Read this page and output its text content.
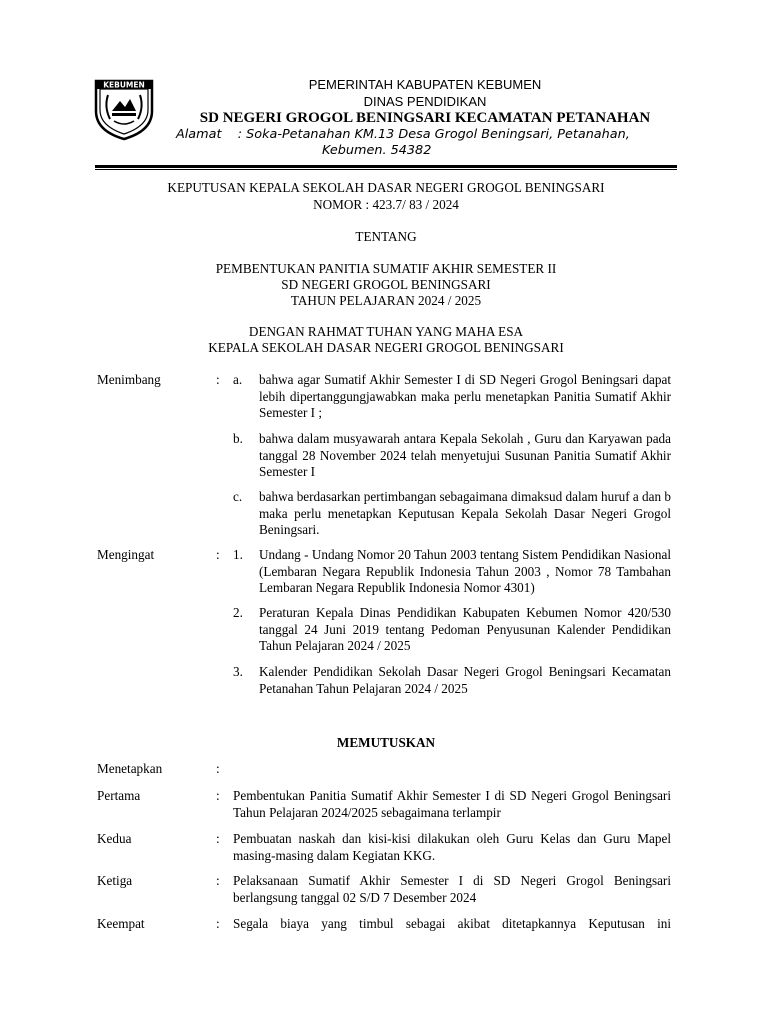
KEBUMEN	PEMERINTAH KABUPATEN KEBUMEN
DINAS PENDIDIKAN
SD NEGERI GROGOL BENINGSARI KECAMATAN PETANAHAN
Alamat : Soka-Petanahan KM.13 Desa Grogol Beningsari, Petanahan,
Kebumen. 54382
KEPUTUSAN KEPALA SEKOLAH DASAR NEGERI GROGOL BENINGSARI
NOMOR : 423.7/ 83 / 2024
TENTANG
PEMBENTUKAN PANITIA SUMATIF AKHIR SEMESTER II
SD NEGERI GROGOL BENINGSARI
TAHUN PELAJARAN 2024 / 2025
DENGAN RAHMAT TUHAN YANG MAHA ESA
KEPALA SEKOLAH DASAR NEGERI GROGOL BENINGSARI
Menimbang	: a. bahwa agar Sumatif Akhir Semester I di SD Negeri Grogol Beningsari dapat lebih dipertanggungjawabkan maka perlu menetapkan Panitia Sumatif Akhir Semester I ;
b. bahwa dalam musyawarah antara Kepala Sekolah , Guru dan Karyawan pada tanggal 28 November 2024 telah menyetujui Susunan Panitia Sumatif Akhir Semester I
c. bahwa berdasarkan pertimbangan sebagaimana dimaksud dalam huruf a dan b maka perlu menetapkan Keputusan Kepala Sekolah Dasar Negeri Grogol Beningsari.
Mengingat	: 1. Undang - Undang Nomor 20 Tahun 2003 tentang Sistem Pendidikan Nasional (Lembaran Negara Republik Indonesia Tahun 2003 , Nomor 78 Tambahan Lembaran Negara Republik Indonesia Nomor 4301)
2. Peraturan Kepala Dinas Pendidikan Kabupaten Kebumen Nomor 420/530 tanggal 24 Juni 2019 tentang Pedoman Penyusunan Kalender Pendidikan Tahun Pelajaran 2024 / 2025
3. Kalender Pendidikan Sekolah Dasar Negeri Grogol Beningsari Kecamatan Petanahan Tahun Pelajaran 2024 / 2025
MEMUTUSKAN
Menetapkan	:
Pertama	: Pembentukan Panitia Sumatif Akhir Semester I di SD Negeri Grogol Beningsari Tahun Pelajaran 2024/2025 sebagaimana terlampir
Kedua	: Pembuatan naskah dan kisi-kisi dilakukan oleh Guru Kelas dan Guru Mapel masing-masing dalam Kegiatan KKG.
Ketiga	: Pelaksanaan Sumatif Akhir Semester I di SD Negeri Grogol Beningsari berlangsung tanggal 02 S/D 7 Desember 2024
Keempat	: Segala biaya yang timbul sebagai akibat ditetapkannya Keputusan ini
